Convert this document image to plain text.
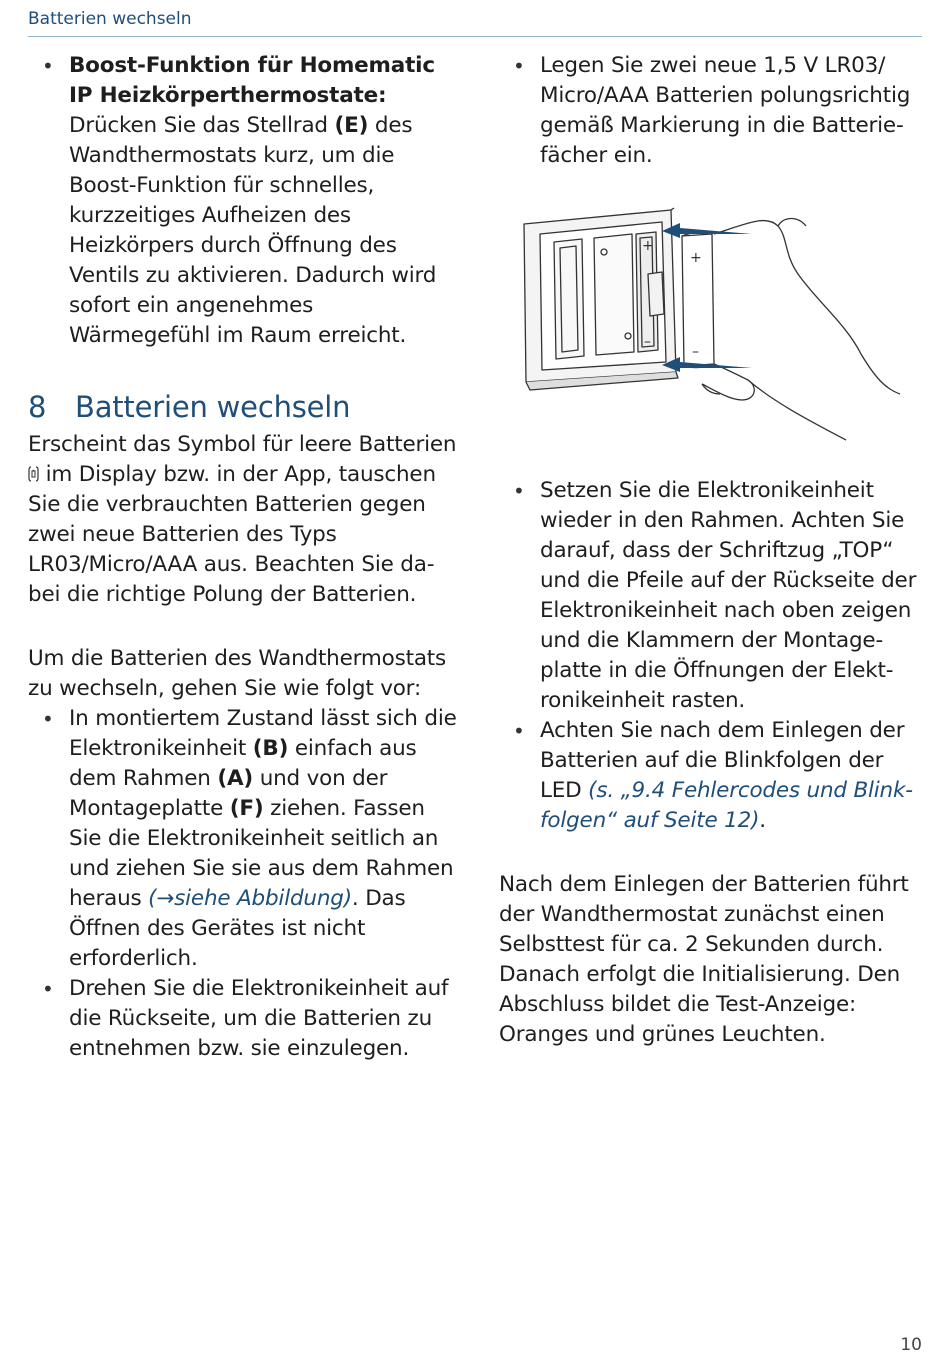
Batterien wechseln
• Boost-Funktion für Homematic IP Heizkörperthermostate: Drücken Sie das Stellrad (E) des Wandthermostats kurz, um die Boost-Funktion für schnelles, kurzzeitiges Aufheizen des Heizkörpers durch Öffnung des Ventils zu aktivieren. Dadurch wird sofort ein angenehmes Wärmegefühl im Raum erreicht.
8 Batterien wechseln

Erscheint das Symbol für leere Batterien  im Display bzw. in der App, tauschen Sie die verbrauchten Batterien gegen zwei neue Batterien des Typs LR03/Micro/AAA aus. Beachten Sie dabei die richtige Polung der Batterien.

Um die Batterien des Wandthermostats zu wechseln, gehen Sie wie folgt vor:

• In montiertem Zustand lässt sich die Elektronikeinheit (B) einfach aus dem Rahmen (A) und von der Montageplatte (F) ziehen. Fassen Sie die Elektronikeinheit seitlich an und ziehen Sie sie aus dem Rahmen heraus (→siehe Abbildung). Das Öffnen des Gerätes ist nicht erforderlich.
• Drehen Sie die Elektronikeinheit auf die Rückseite, um die Batterien zu entnehmen bzw. sie einzulegen.
• Legen Sie zwei neue 1,5 V LR03/ Micro/AAA Batterien polungsrichtig gemäß Markierung in die Batteriefächer ein.
• Setzen Sie die Elektronikeinheit wieder in den Rahmen. Achten Sie darauf, dass der Schriftzug „TOP“ und die Pfeile auf der Rückseite der Elektronikeinheit nach oben zeigen und die Klammern der Montageplatte in die Öffnungen der Elektronikeinheit rasten.
• Achten Sie nach dem Einlegen der Batterien auf die Blinkfolgen der LED (s. „9.4 Fehlercodes und Blinkfolgen“ auf Seite 12).

Nach dem Einlegen der Batterien führt der Wandthermostat zunächst einen Selbsttest für ca. 2 Sekunden durch. Danach erfolgt die Initialisierung. Den Abschluss bildet die Test-Anzeige: Oranges und grünes Leuchten.

+
+
–
–
10
